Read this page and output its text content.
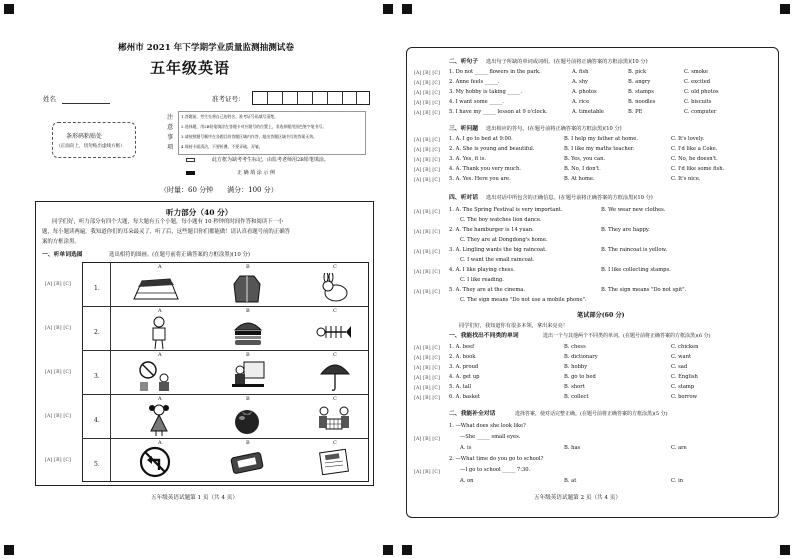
郴州市 2021 年下学期学业质量监测抽测试卷
五年级英语
姓名	准考证号：
条形码粘贴处
（正面向上，切勿贴出虚线方框）
注 意 事 项
1.答题前，考生先将自己的姓名、准考证号码填写清楚。
2.选择题，用2B铅笔填涂在答题卡对应题号的位置上，非选择题用黑色签字笔书写。
3.请按照题号顺序在各题目的答题区域内作答，超出答题区域书写的答案无效。
4.保持卡面清洁，不要折叠、不要弄破、弄皱。
此方框为缺考考生标记，由监考老师用2B铅笔填涂。
正 确 填 涂 示 例
（时量：60 分钟　　满分：100 分）
听力部分（40 分）
同学们好，听力部分有四个大题，每大题有五个小题，每小题有 10 秒钟的时间作答和阅读下一小
题，每小题读两遍。我知道你们的耳朵最灵了，听了后，这些题目你们都能做！请认真看题号前的正确答
案的方框涂黑。
一、听单词选图	选出相符的图画。(在题号前将正确答案的方框涂黑)(10 分)
[A] [B] [C]
[A] [B] [C]
[A] [B] [C]
[A] [B] [C]
[A] [B] [C]
1.
2.
3.
4.
5.
A	B	C
A	B	C
A	B	C
A	B	C
A	B	C
五年级英语试题第 1 页（共 4 页）
二、听句子 选出句子所缺的单词或词组。(在题号前将正确答案的方框涂黑)(10 分)
[A] [B] [C] 1. Do not _____ flowers in the park.	A. fish	B. pick	C. smoke
[A] [B] [C] 2. Anne feels _____.	A. shy	B. angry	C. excited
[A] [B] [C] 3. My hobby is taking _____.	A. photos	B. stamps	C. old photos
[A] [B] [C] 4. I want some _____.	A. rice	B. noodles	C. biscuits
[A] [B] [C] 5. I have my _____ lesson at 9 o'clock.	A. timetable	B. PE	C. computer
三、听问题 选出相应的答句。(在题号前将正确答案的方框涂黑)(10 分)
[A] [B] [C] 1. A. I go to bed at 9:00.	B. I help my father at home.	C. It's lovely.
[A] [B] [C] 2. A. She is young and beautiful.	B. I like my maths teacher.	C. I'd like a Coke.
[A] [B] [C] 3. A. Yes, it is.	B. Yes, you can.	C. No, he doesn't.
[A] [B] [C] 4. A. Thank you very much.	B. No, I don't.	C. I'd like some fish.
[A] [B] [C] 5. A. Yes. Here you are.	B. At home.	C. It's nice.
四、听对话 选出对话中所包含的正确信息。(在题号前将正确答案的方框涂黑)(10 分)
[A] [B] [C] 1. A. The Spring Festival is very important.	B. We wear new clothes.
C. The boy watches lion dance.
[A] [B] [C] 2. A. The hamburger is 14 yuan.	B. They are happy.
C. They are at Dongdong's home.
[A] [B] [C] 3. A. Lingling wants the big raincoat.	B. The raincoat is yellow.
C. I want the small raincoat.
[A] [B] [C] 4. A. I like playing chess.	B. I like collecting stamps.
C. I like reading.
[A] [B] [C] 5. A. They are at the cinema.	B. The sign means "Do not spit".
C. The sign means "Do not use a mobile phone".
笔试部分(60 分)
同学们好，我知道你有很多本领，拿出来亮亮！
一、我能找出不同类的单词	选出一个与其他两个不同类的单词。(在题号前将正确答案的方框涂黑)(6 分)
[A] [B] [C] 1. A. beef	B. chess	C. chicken
[A] [B] [C] 2. A. book	B. dictionary	C. want
[A] [B] [C] 3. A. proud	B. hobby	C. sad
[A] [B] [C] 4. A. get up	B. go to bed	C. English
[A] [B] [C] 5. A. tall	B. short	C. stamp
[A] [B] [C] 6. A. basket	B. collect	C. borrow
二、我能补全对话	选择答案，使对话完整正确。(在题号前将正确答案的方框涂黑)(5 分)
[A] [B] [C]
1. —What does she look like?
—She _____ small eyes.
A. is	B. has	C. are
[A] [B] [C]
2. —What time do you go to school?
—I go to school _____ 7:30.
A. on	B. at	C. in
五年级英语试题第 2 页（共 4 页）
